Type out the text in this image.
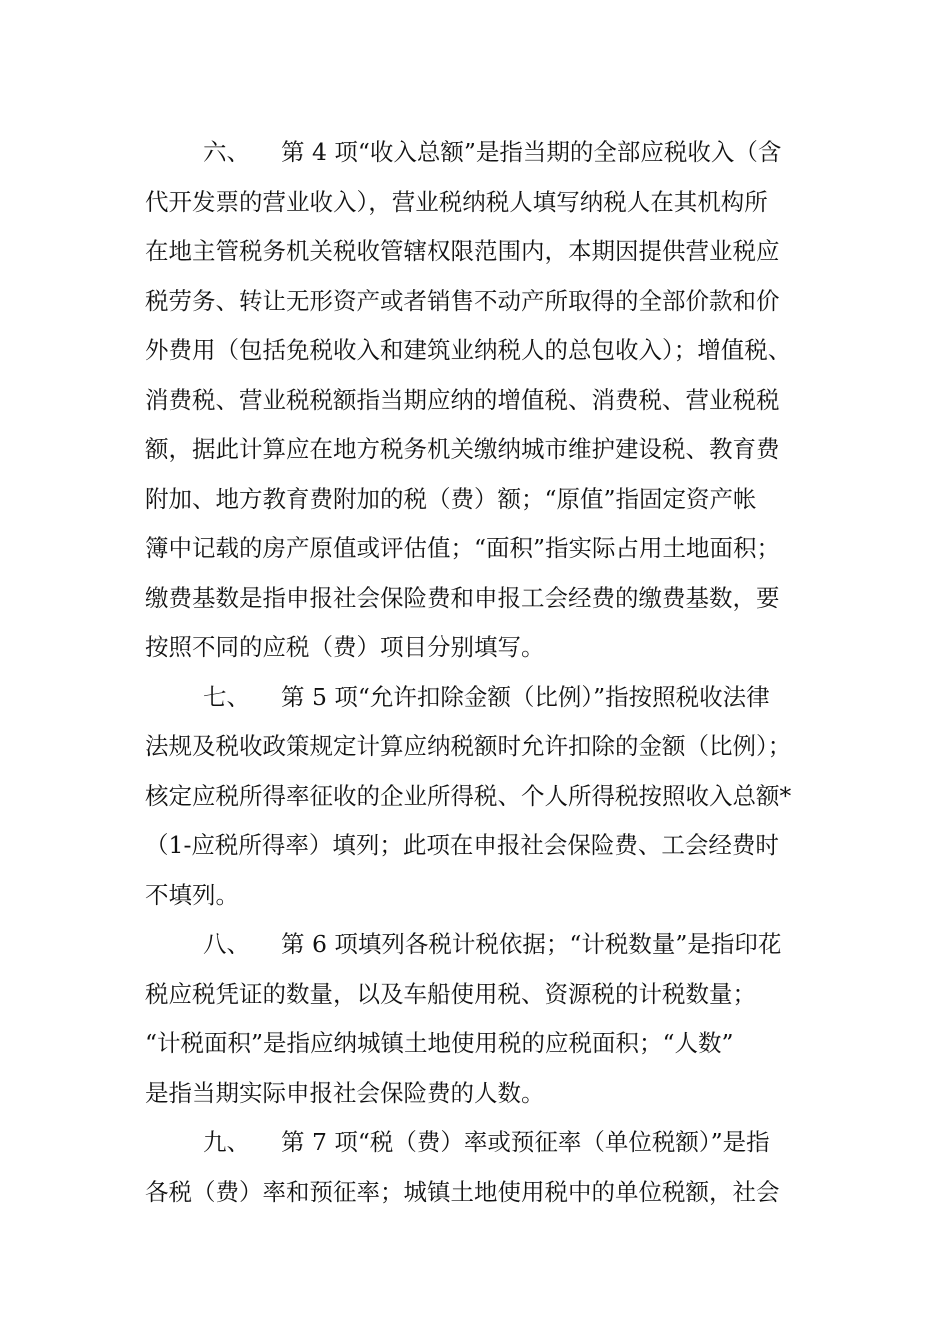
六、 第 4 项“收入总额”是指当期的全部应税收入（含
代开发票的营业收入），营业税纳税人填写纳税人在其机构所
在地主管税务机关税收管辖权限范围内，本期因提供营业税应
税劳务、转让无形资产或者销售不动产所取得的全部价款和价
外费用（包括免税收入和建筑业纳税人的总包收入）；增值税、
消费税、营业税税额指当期应纳的增值税、消费税、营业税税
额，据此计算应在地方税务机关缴纳城市维护建设税、教育费
附加、地方教育费附加的税（费）额；“原值”指固定资产帐
簿中记载的房产原值或评估值；“面积”指实际占用土地面积；
缴费基数是指申报社会保险费和申报工会经费的缴费基数，要
按照不同的应税（费）项目分别填写。
七、 第 5 项“允许扣除金额（比例）”指按照税收法律
法规及税收政策规定计算应纳税额时允许扣除的金额（比例）；
核定应税所得率征收的企业所得税、个人所得税按照收入总额*
（1-应税所得率）填列；此项在申报社会保险费、工会经费时
不填列。
八、 第 6 项填列各税计税依据；“计税数量”是指印花
税应税凭证的数量，以及车船使用税、资源税的计税数量；
“计税面积”是指应纳城镇土地使用税的应税面积；“人数”
是指当期实际申报社会保险费的人数。
九、 第 7 项“税（费）率或预征率（单位税额）”是指
各税（费）率和预征率；城镇土地使用税中的单位税额，社会
